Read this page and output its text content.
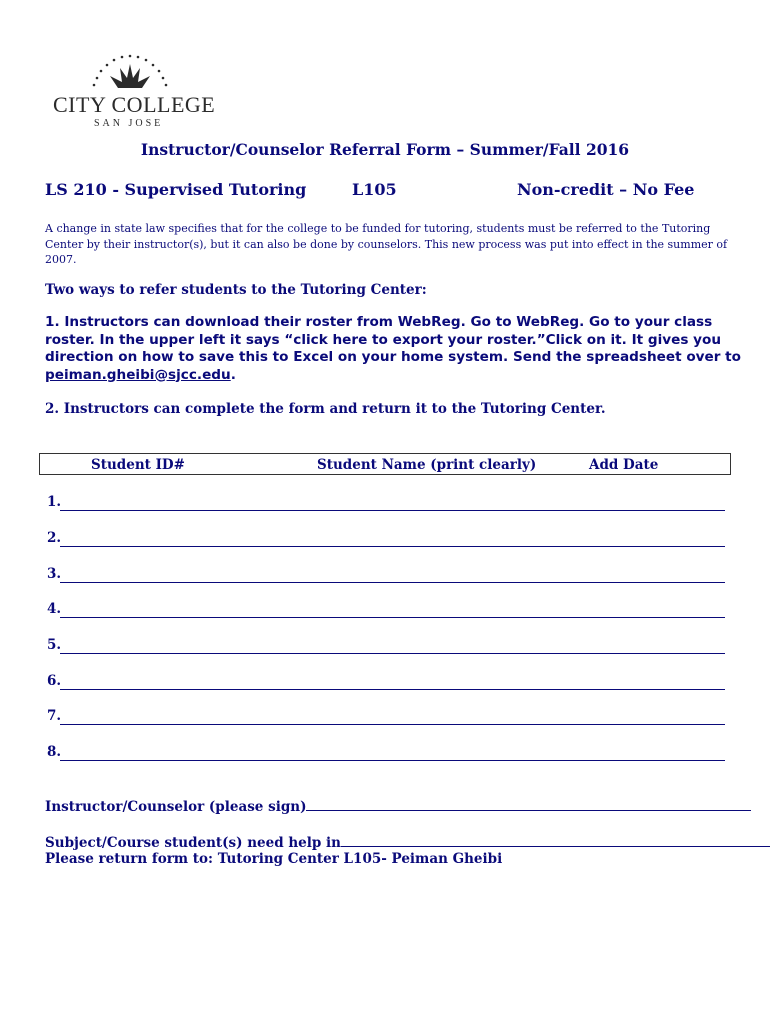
CITY COLLEGE
SAN JOSE
Instructor/Counselor Referral Form – Summer/Fall 2016
LS 210 - Supervised Tutoring	L105	Non-credit – No Fee
A change in state law specifies that for the college to be funded for tutoring, students must be referred to the Tutoring Center by their instructor(s), but it can also be done by counselors. This new process was put into effect in the summer of 2007.
Two ways to refer students to the Tutoring Center:
1. Instructors can download their roster from WebReg. Go to WebReg. Go to your class roster. In the upper left it says “click here to export your roster.”Click on it. It gives you direction on how to save this to Excel on your home system. Send the spreadsheet over to peiman.gheibi@sjcc.edu.
2. Instructors can complete the form and return it to the Tutoring Center.
Student ID#	Student Name (print clearly)	Add Date
1.
2.
3.
4.
5.
6.
7.
8.
Instructor/Counselor (please sign)
Subject/Course student(s) need help in
Please return form to: Tutoring Center L105- Peiman Gheibi
